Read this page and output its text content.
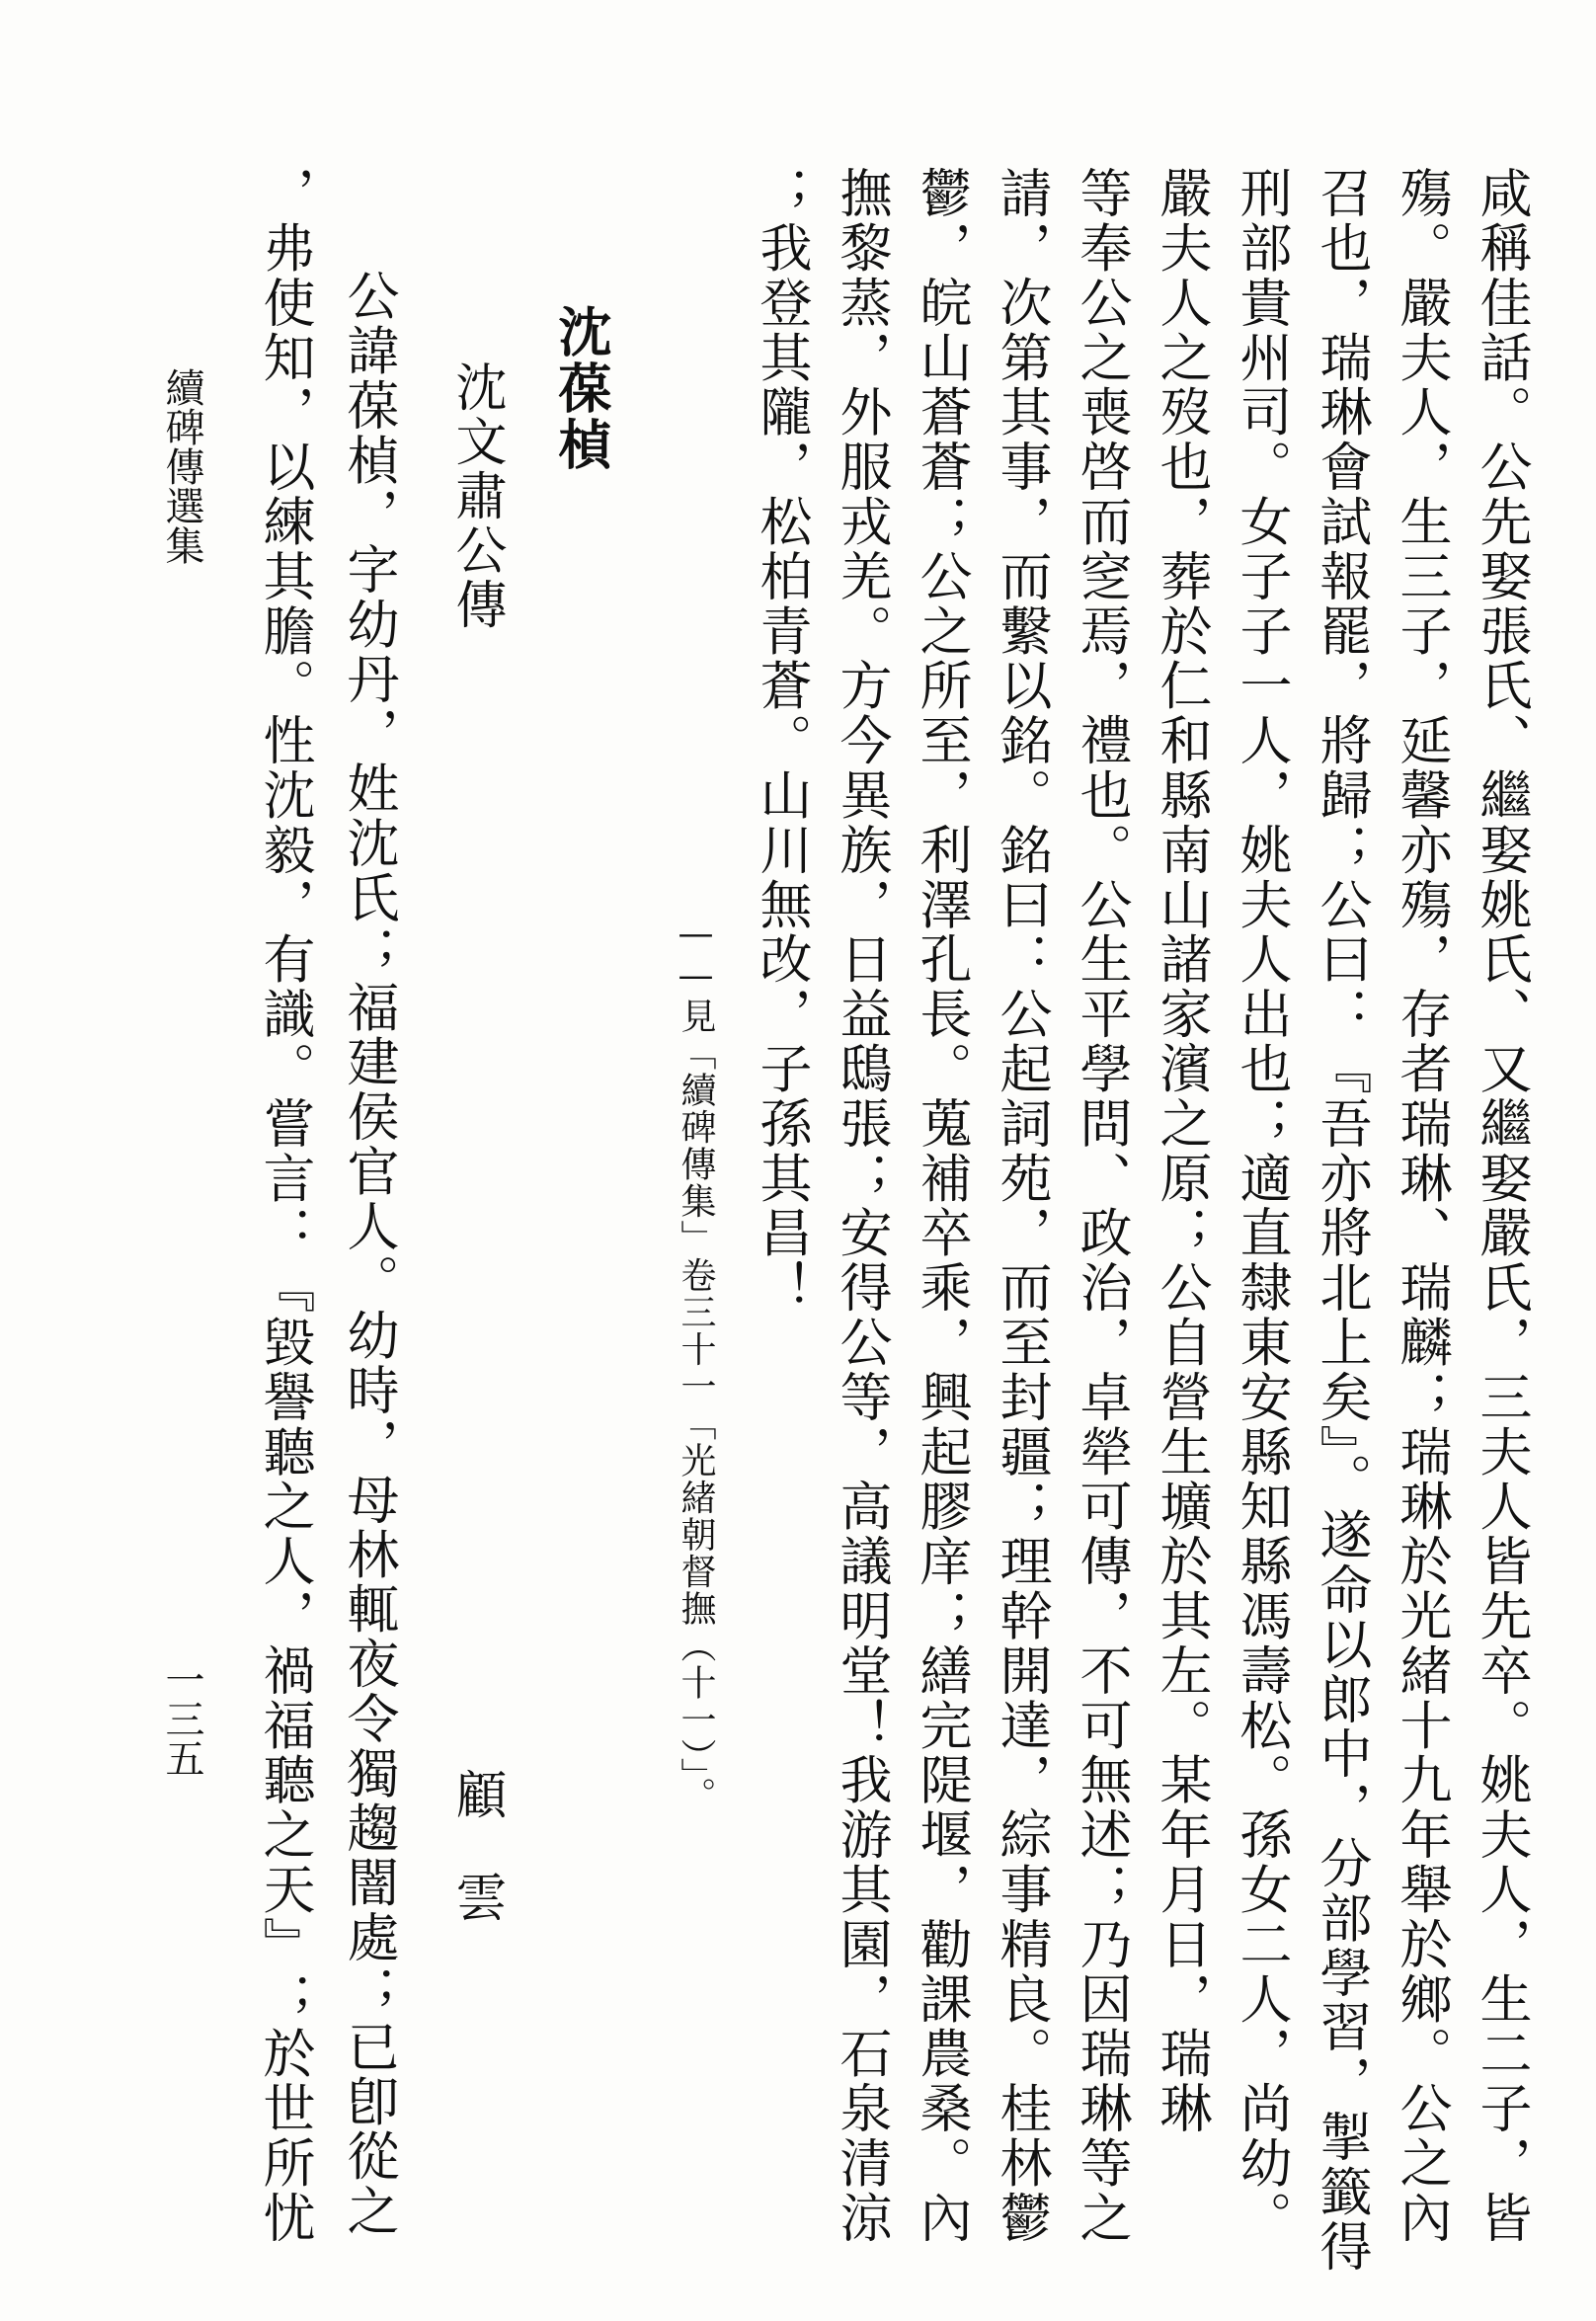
咸稱佳話。公先娶張氏、繼娶姚氏、又繼娶嚴氏，三夫人皆先卒。姚夫人，生二子，皆
殤。嚴夫人，生三子，延馨亦殤，存者瑞琳、瑞麟；瑞琳於光緒十九年舉於鄉。公之內
召也，瑞琳會試報罷，將歸；公曰：『吾亦將北上矣』。遂命以郎中，分部學習，掣籤得
刑部貴州司。女子子一人，姚夫人出也；適直隸東安縣知縣馮壽松。孫女二人，尚幼。
嚴夫人之歿也，葬於仁和縣南山諸家濱之原；公自營生壙於其左。某年月日，瑞琳
等奉公之喪啓而窆焉，禮也。公生平學問、政治，卓犖可傳，不可無述；乃因瑞琳等之
請，次第其事，而繫以銘。銘曰：公起詞苑，而至封疆；理幹開達，綜事精良。桂林鬱
鬱，皖山蒼蒼；公之所至，利澤孔長。蒐補卒乘，興起膠庠；繕完隄堰，勸課農桑。內
撫黎蒸，外服戎羌。方今異族，日益鴟張；安得公等，高議明堂！我游其園，石泉清涼
；我登其隴，松柏青蒼。山川無改，子孫其昌！
——見「續碑傳集」卷三十一「光緒朝督撫（十一）」。
沈葆楨
沈文肅公傳
顧　雲
公諱葆楨，字幼丹，姓沈氏；福建侯官人。幼時，母林輒夜令獨趨闇處；已卽從之
，弗使知，以練其膽。性沈毅，有識。嘗言：『毀譽聽之人，禍福聽之天』；於世所忧
續碑傳選集
一三五
